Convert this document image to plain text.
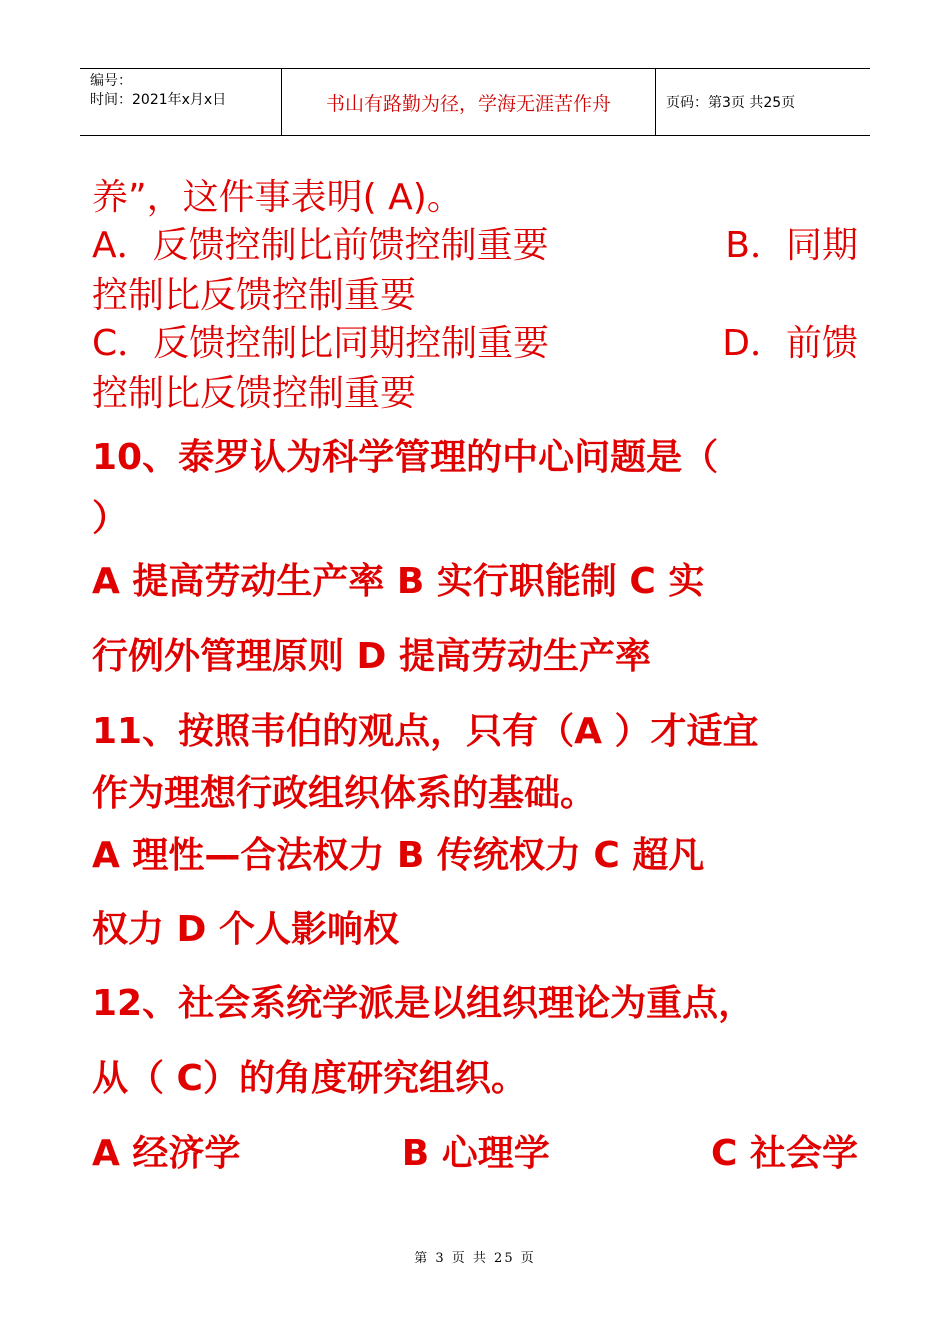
编号：
时间：2021年x月x日	书山有路勤为径，学海无涯苦作舟	页码：第3页 共25页
养”，这件事表明( A)。
A．反馈控制比前馈控制重要	B．同期
控制比反馈控制重要
C．反馈控制比同期控制重要	D．前馈
控制比反馈控制重要
10、泰罗认为科学管理的中心问题是（
）
A 提高劳动生产率 B 实行职能制 C 实
行例外管理原则 D 提高劳动生产率
11、按照韦伯的观点，只有（A ）才适宜
作为理想行政组织体系的基础。
A 理性—合法权力 B 传统权力 C 超凡
权力 D 个人影响权
12、社会系统学派是以组织理论为重点，
从（ C）的角度研究组织。
A 经济学	B 心理学	C 社会学
第 3 页 共 25 页
